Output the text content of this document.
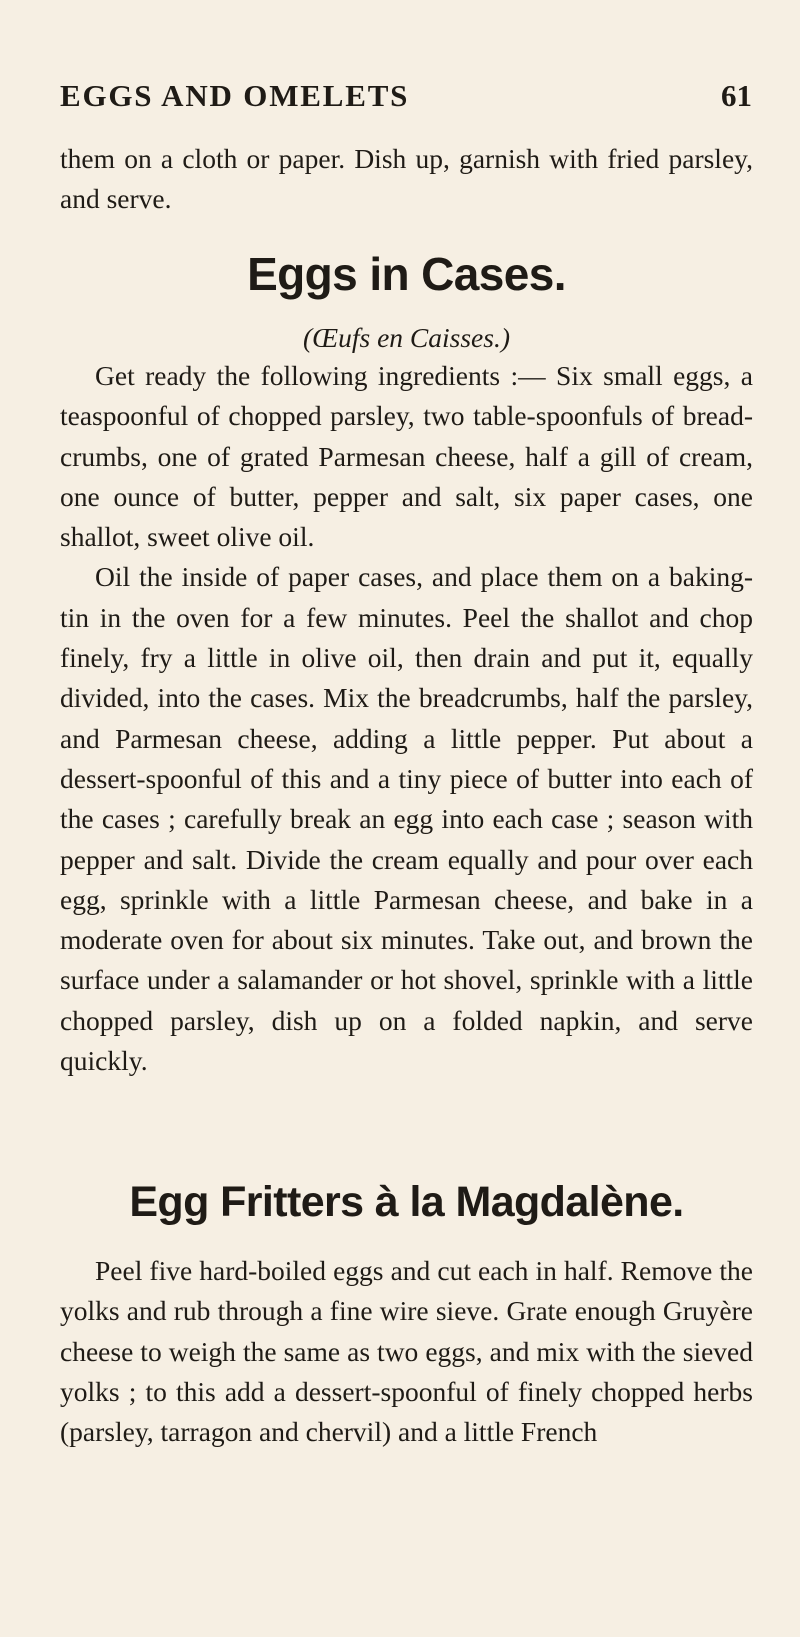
EGGS AND OMELETS	61

them on a cloth or paper. Dish up, garnish with fried parsley, and serve.

Eggs in Cases.
(Œufs en Caisses.)

Get ready the following ingredients :— Six small eggs, a teaspoonful of chopped parsley, two table-spoonfuls of bread-crumbs, one of grated Parmesan cheese, half a gill of cream, one ounce of butter, pepper and salt, six paper cases, one shallot, sweet olive oil.

Oil the inside of paper cases, and place them on a baking-tin in the oven for a few minutes. Peel the shallot and chop finely, fry a little in olive oil, then drain and put it, equally divided, into the cases. Mix the breadcrumbs, half the parsley, and Parmesan cheese, adding a little pepper. Put about a dessert-spoonful of this and a tiny piece of butter into each of the cases ; carefully break an egg into each case ; season with pepper and salt. Divide the cream equally and pour over each egg, sprinkle with a little Parmesan cheese, and bake in a moderate oven for about six minutes. Take out, and brown the surface under a salamander or hot shovel, sprinkle with a little chopped parsley, dish up on a folded napkin, and serve quickly.

Egg Fritters à la Magdalène.

Peel five hard-boiled eggs and cut each in half. Remove the yolks and rub through a fine wire sieve. Grate enough Gruyère cheese to weigh the same as two eggs, and mix with the sieved yolks ; to this add a dessert-spoonful of finely chopped herbs (parsley, tarragon and chervil) and a little French
